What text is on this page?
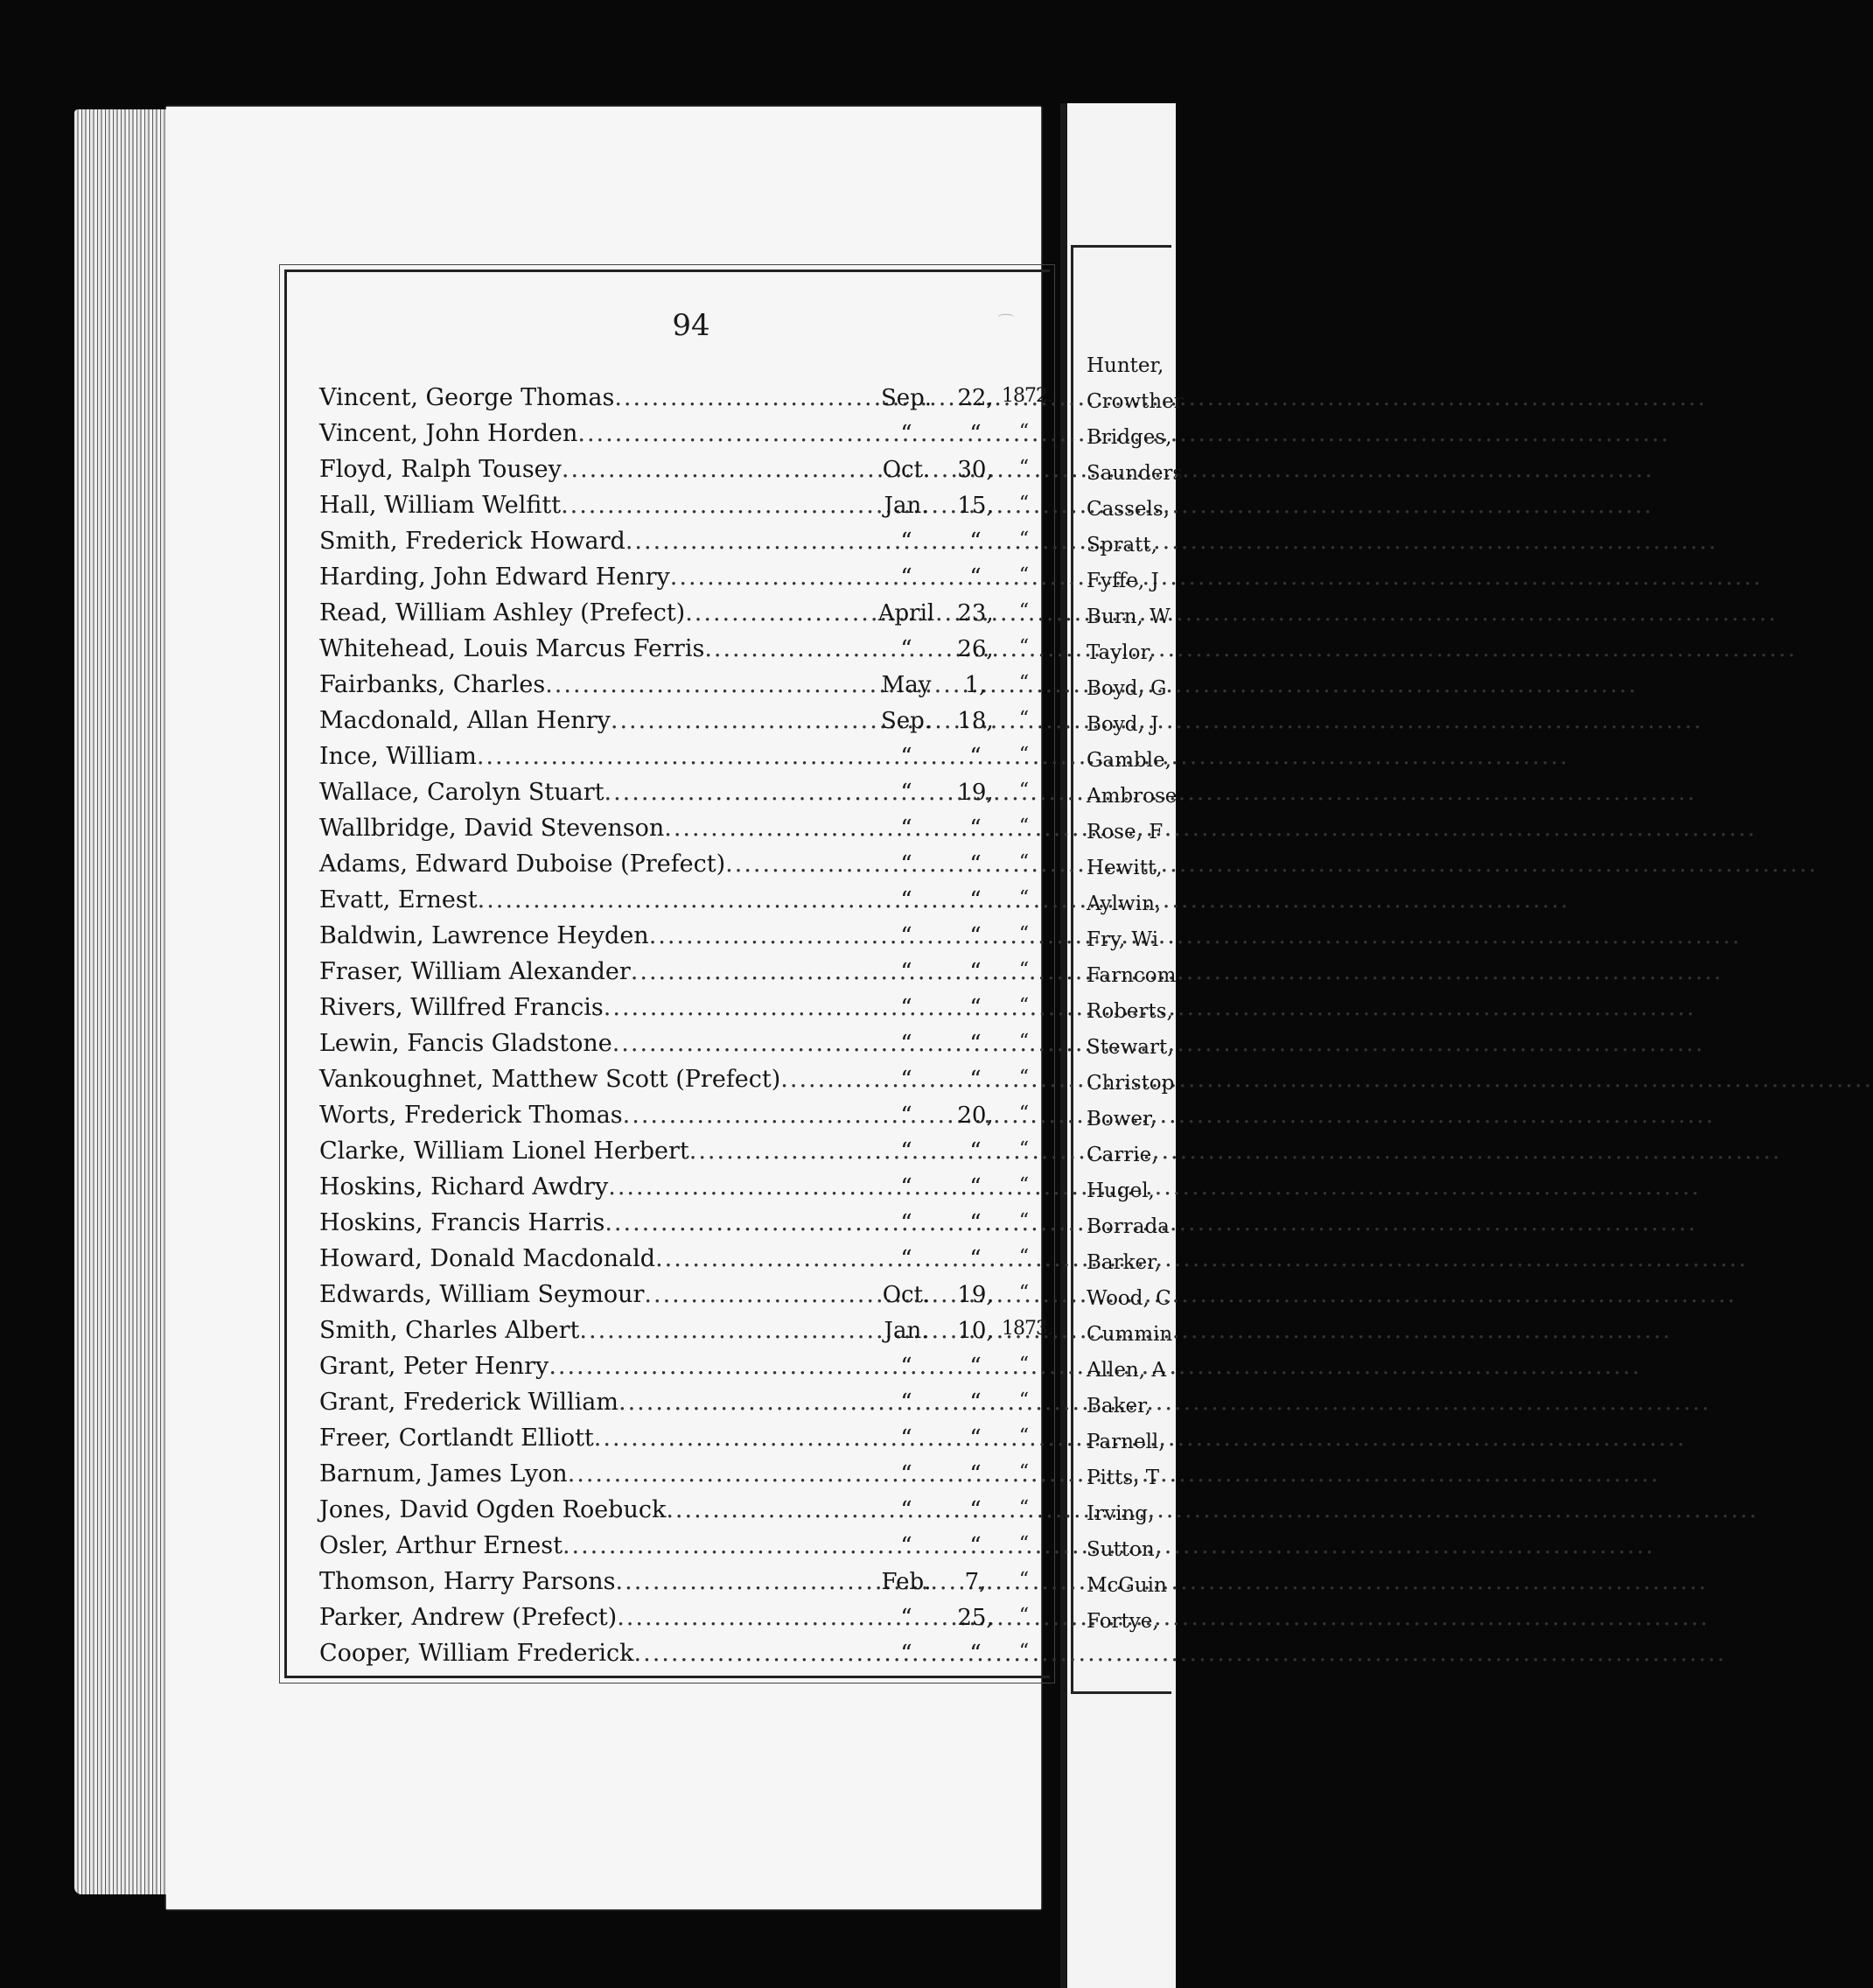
94
Vincent, George Thomas .....	Sep.	22, 1872.
Vincent, John Horden .....	“	“	“
Floyd, Ralph Tousey .....	Oct.	30,	“
Hall, William Welfitt .....	Jan.	15,	“
Smith, Frederick Howard .....	“	“	“
Harding, John Edward Henry .....	“	“	“
Read, William Ashley (Prefect) .....	April	23,	“
Whitehead, Louis Marcus Ferris .....	“	26,	“
Fairbanks, Charles .....	May	1,	“
Macdonald, Allan Henry .....	Sep.	18,	“
Ince, William .....	“	“	“
Wallace, Carolyn Stuart .....	“	19,	“
Wallbridge, David Stevenson .....	“	“	“
Adams, Edward Duboise (Prefect) .....	“	“	“
Evatt, Ernest .....	“	“	“
Baldwin, Lawrence Heyden .....	“	“	“
Fraser, William Alexander .....	“	“	“
Rivers, Willfred Francis .....	“	“	“
Lewin, Fancis Gladstone .....	“	“	“
Vankoughnet, Matthew Scott (Prefect) .....	“	“	“
Worts, Frederick Thomas .....	“	20,	“
Clarke, William Lionel Herbert .....	“	“	“
Hoskins, Richard Awdry .....	“	“	“
Hoskins, Francis Harris .....	“	“	“
Howard, Donald Macdonald .....	“	“	“
Edwards, William Seymour .....	Oct.	19,	“
Smith, Charles Albert .....	Jan.	10, 1873.
Grant, Peter Henry .....	“	“	“
Grant, Frederick William .....	“	“	“
Freer, Cortlandt Elliott .....	“	“	“
Barnum, James Lyon .....	“	“	“
Jones, David Ogden Roebuck .....	“	“	“
Osler, Arthur Ernest .....	“	“	“
Thomson, Harry Parsons .....	Feb.	7,	“
Parker, Andrew (Prefect) .....	“	25,	“
Cooper, William Frederick .....	“	“	“
Hunter,
Crowther
Bridges,
Saunders
Cassels,
Spratt,
Fyffe, J
Burn, W
Taylor,
Boyd, G
Boyd, J
Gamble,
Ambrose
Rose, F
Hewitt,
Aylwin,
Fry, Wi
Farncom
Roberts,
Stewart,
Christop
Bower,
Carrie,
Hugel,
Borrada
Barker,
Wood, C
Cummin
Allen, A
Baker,
Parnell,
Pitts, T
Irving,
Sutton,
McGuin
Fortye,
